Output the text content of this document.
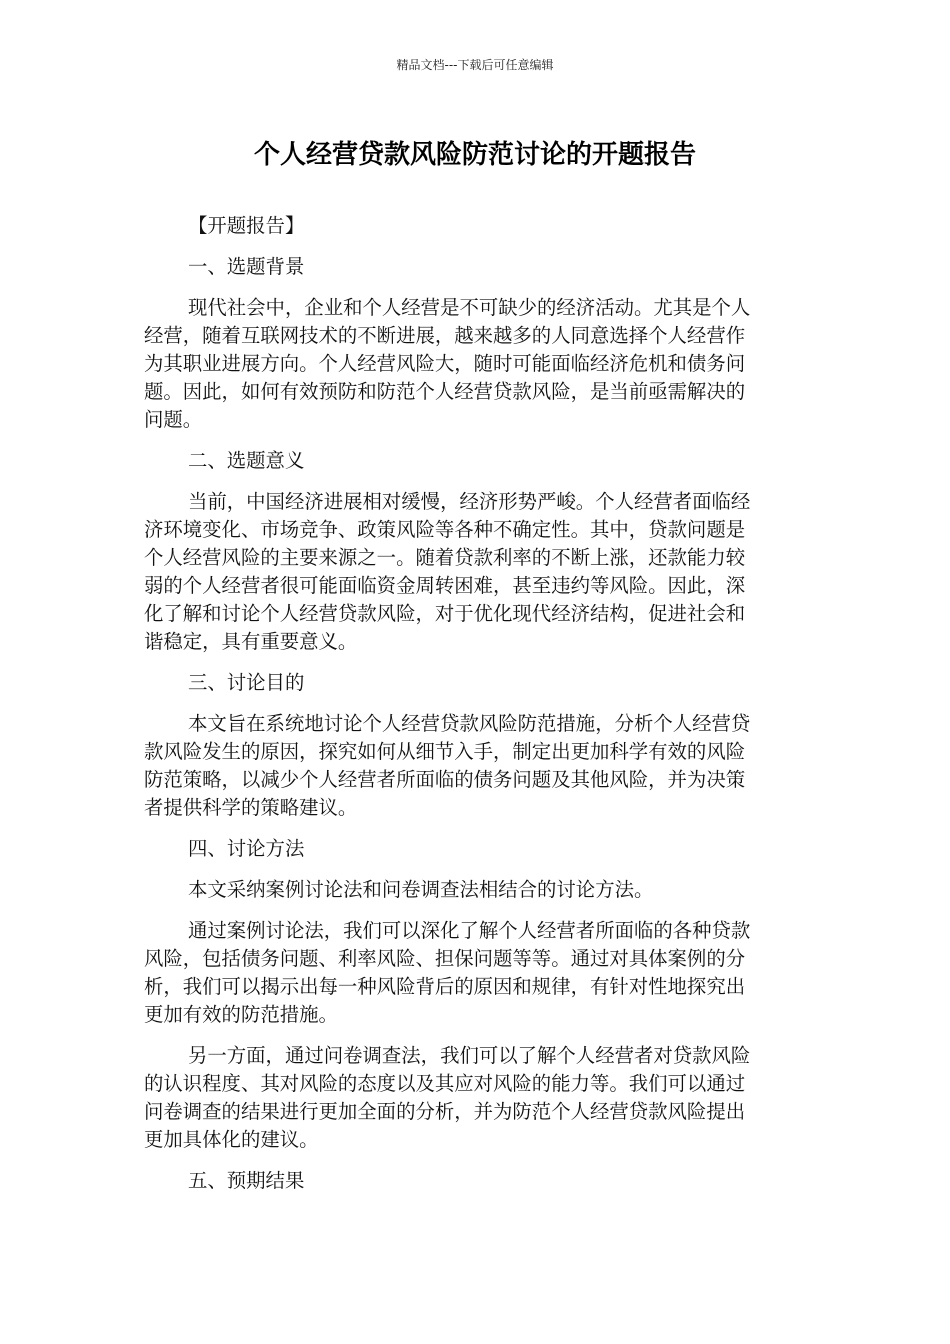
精品文档---下载后可任意编辑
个人经营贷款风险防范讨论的开题报告
【开题报告】
一、选题背景
现代社会中，企业和个人经营是不可缺少的经济活动。尤其是个人
经营，随着互联网技术的不断进展，越来越多的人同意选择个人经营作
为其职业进展方向。个人经营风险大，随时可能面临经济危机和债务问
题。因此，如何有效预防和防范个人经营贷款风险，是当前亟需解决的
问题。
二、选题意义
当前，中国经济进展相对缓慢，经济形势严峻。个人经营者面临经
济环境变化、市场竞争、政策风险等各种不确定性。其中，贷款问题是
个人经营风险的主要来源之一。随着贷款利率的不断上涨，还款能力较
弱的个人经营者很可能面临资金周转困难，甚至违约等风险。因此，深
化了解和讨论个人经营贷款风险，对于优化现代经济结构，促进社会和
谐稳定，具有重要意义。
三、讨论目的
本文旨在系统地讨论个人经营贷款风险防范措施，分析个人经营贷
款风险发生的原因，探究如何从细节入手，制定出更加科学有效的风险
防范策略，以减少个人经营者所面临的债务问题及其他风险，并为决策
者提供科学的策略建议。
四、讨论方法
本文采纳案例讨论法和问卷调查法相结合的讨论方法。
通过案例讨论法，我们可以深化了解个人经营者所面临的各种贷款
风险，包括债务问题、利率风险、担保问题等等。通过对具体案例的分
析，我们可以揭示出每一种风险背后的原因和规律，有针对性地探究出
更加有效的防范措施。
另一方面，通过问卷调查法，我们可以了解个人经营者对贷款风险
的认识程度、其对风险的态度以及其应对风险的能力等。我们可以通过
问卷调查的结果进行更加全面的分析，并为防范个人经营贷款风险提出
更加具体化的建议。
五、预期结果
